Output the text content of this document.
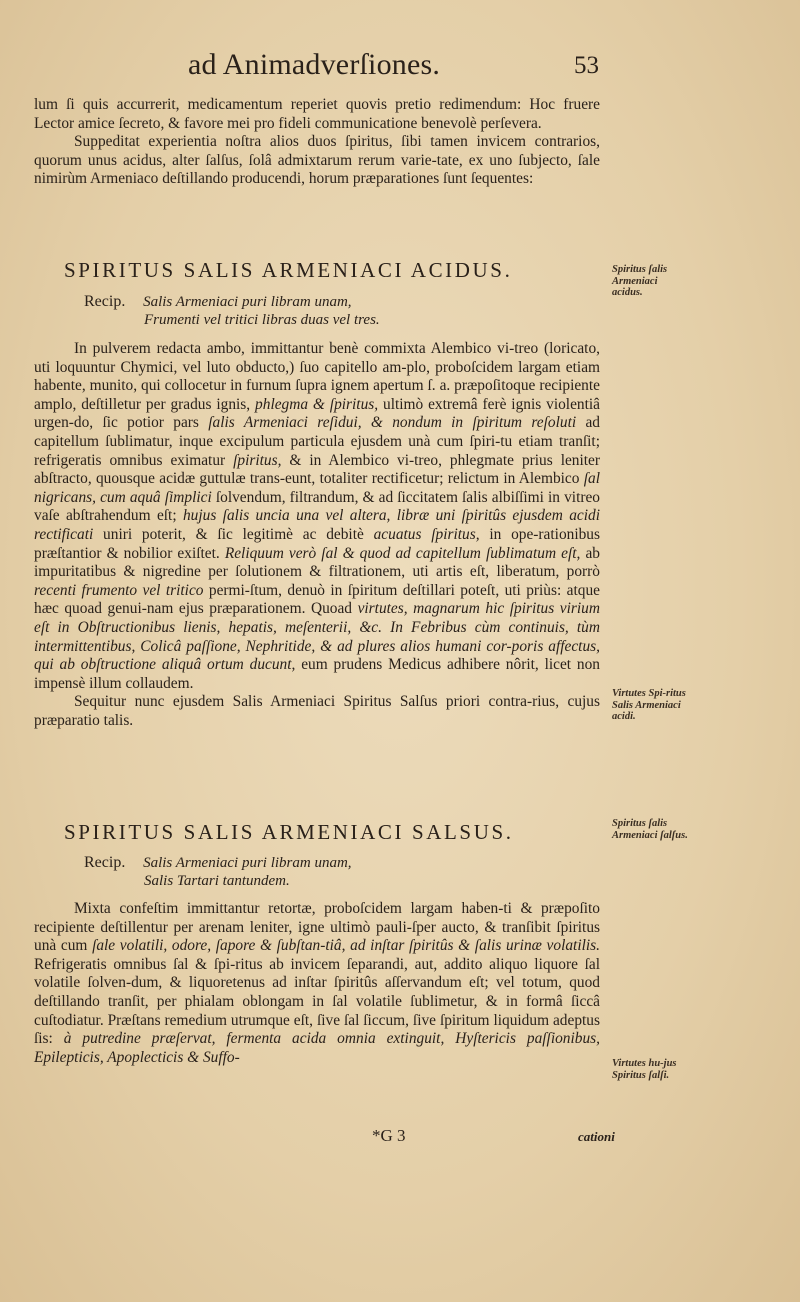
ad Animadverſiones.	53

lum ſi quis accurrerit, medicamentum reperiet quovis pretio redimendum: Hoc fruere Lector amice ſecreto, & favore mei pro fideli communicatione benevolè perſevera.

Suppeditat experientia noſtra alios duos ſpiritus, ſibi tamen invicem contrarios, quorum unus acidus, alter ſalſus, ſolâ admixtarum rerum varie-tate, ex uno ſubjecto, ſale nimirùm Armeniaco deſtillando producendi, horum præparationes ſunt ſequentes:

SPIRITUS SALIS ARMENIACI ACIDUS.	Spiritus ſalis Armeniaci acidus.
Recip. Salis Armeniaci puri libram unam,
Frumenti vel tritici libras duas vel tres.

In pulverem redacta ambo, immittantur benè commixta Alembico vi-treo (loricato, uti loquuntur Chymici, vel luto obducto,) ſuo capitello am-plo, proboſcidem largam etiam habente, munito, qui collocetur in furnum ſupra ignem apertum ſ. a. præpoſitoque recipiente amplo, deſtilletur per gradus ignis, phlegma & ſpiritus, ultimò extremâ ferè ignis violentiâ urgen-do, ſic potior pars ſalis Armeniaci reſidui, & nondum in ſpiritum reſoluti ad capitellum ſublimatur, inque excipulum particula ejusdem unà cum ſpiri-tu etiam tranſit; refrigeratis omnibus eximatur ſpiritus, & in Alembico vi-treo, phlegmate prius leniter abſtracto, quousque acidæ guttulæ trans-eunt, totaliter rectificetur; relictum in Alembico ſal nigricans, cum aquâ ſimplici ſolvendum, filtrandum, & ad ſiccitatem ſalis albiſſimi in vitreo vaſe abſtrahendum eſt; hujus ſalis uncia una vel altera, libræ uni ſpiritûs ejusdem acidi rectificati uniri poterit, & ſic legitimè ac debitè acuatus ſpiritus, in ope-rationibus præſtantior & nobilior exiſtet. Reliquum verò ſal & quod ad capitellum ſublimatum eſt, ab impuritatibus & nigredine per ſolutionem & filtrationem, uti artis eſt, liberatum, porrò recenti frumento vel tritico permi-ſtum, denuò in ſpiritum deſtillari poteſt, uti priùs: atque hæc quoad genui-nam ejus præparationem. Quoad virtutes, magnarum hic ſpiritus virium eſt in Obſtructionibus lienis, hepatis, meſenterii, &c. In Febribus cùm continuis, tùm intermittentibus, Colicâ paſſione, Nephritide, & ad plures alios humani cor-poris affectus, qui ab obſtructione aliquâ ortum ducunt, eum prudens Medicus adhibere nôrit, licet non impensè illum collaudem.

Sequitur nunc ejusdem Salis Armeniaci Spiritus Salſus priori contra-rius, cujus præparatio talis.

Virtutes Spi-ritus Salis Armeniaci acidi.
SPIRITUS SALIS ARMENIACI SALSUS.	Spiritus ſalis Armeniaci ſalſus.
Recip. Salis Armeniaci puri libram unam,
Salis Tartari tantundem.

Mixta confeſtim immittantur retortæ, proboſcidem largam haben-ti & præpoſito recipiente deſtillentur per arenam leniter, igne ultimò pauli-ſper aucto, & tranſibit ſpiritus unà cum ſale volatili, odore, ſapore & ſubſtan-tiâ, ad inſtar ſpiritûs & ſalis urinæ volatilis. Refrigeratis omnibus ſal & ſpi-ritus ab invicem ſeparandi, aut, addito aliquo liquore ſal volatile ſolven-dum, & liquoretenus ad inſtar ſpiritûs aſſervandum eſt; vel totum, quod deſtillando tranſit, per phialam oblongam in ſal volatile ſublimetur, & in formâ ſiccâ cuſtodiatur. Præſtans remedium utrumque eſt, ſive ſal ſiccum, ſive ſpiritum liquidum adeptus ſis: à putredine præſervat, fermenta acida omnia extinguit, Hyſtericis paſſionibus, Epilepticis, Apoplecticis & Suffo-	Virtutes hu-jus Spiritus ſalſi.
*G 3	cationi
